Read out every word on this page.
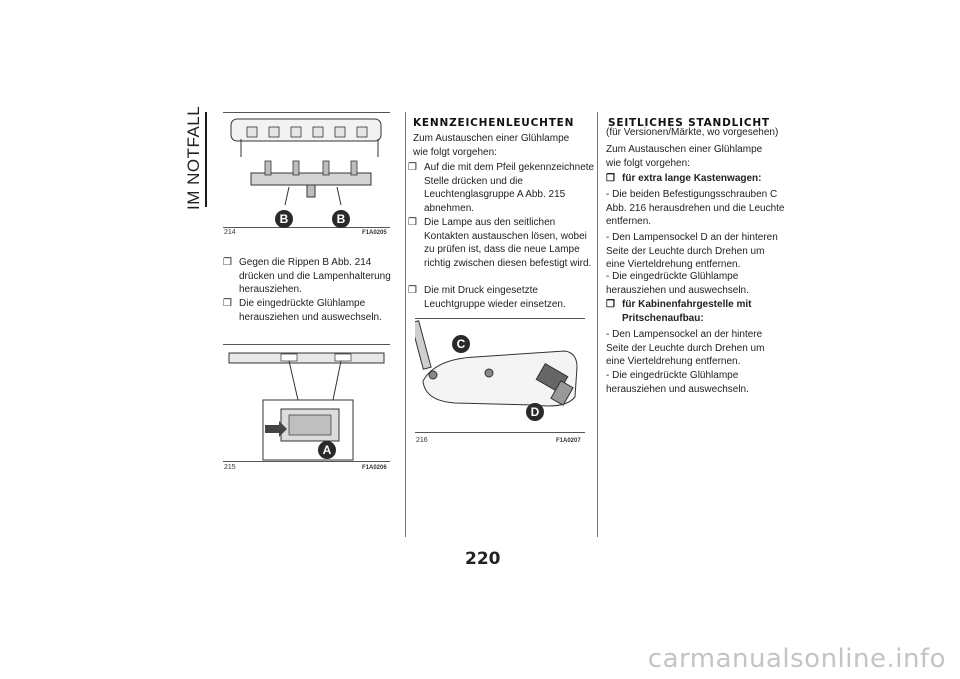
IM NOTFALL
B	B
214	F1A0205
❒ Gegen die Rippen B Abb. 214 drücken und die Lampenhalterung herausziehen.
❒ Die eingedrückte Glühlampe herausziehen und auswechseln.
A
215	F1A0206
KENNZEICHENLEUCHTEN
Zum Austauschen einer Glühlampe wie folgt vorgehen:
❒ Auf die mit dem Pfeil gekennzeichnete Stelle drücken und die Leuchtenglasgruppe A Abb. 215 abnehmen.
❒ Die Lampe aus den seitlichen Kontakten austauschen lösen, wobei zu prüfen ist, dass die neue Lampe richtig zwischen diesen befestigt wird.
❒ Die mit Druck eingesetzte Leuchtgruppe wieder einsetzen.
C
D
216	F1A0207
SEITLICHES STANDLICHT
(für Versionen/Märkte, wo vorgesehen)
Zum Austauschen einer Glühlampe wie folgt vorgehen:
❒ für extra lange Kastenwagen:
- Die beiden Befestigungsschrauben C Abb. 216 herausdrehen und die Leuchte entfernen.
- Den Lampensockel D an der hinteren Seite der Leuchte durch Drehen um eine Vierteldrehung entfernen.
- Die eingedrückte Glühlampe herausziehen und auswechseln.
❒ für Kabinenfahrgestelle mit Pritschenaufbau:
- Den Lampensockel an der hintere Seite der Leuchte durch Drehen um eine Vierteldrehung entfernen.
- Die eingedrückte Glühlampe herausziehen und auswechseln.
220
carmanualsonline.info
